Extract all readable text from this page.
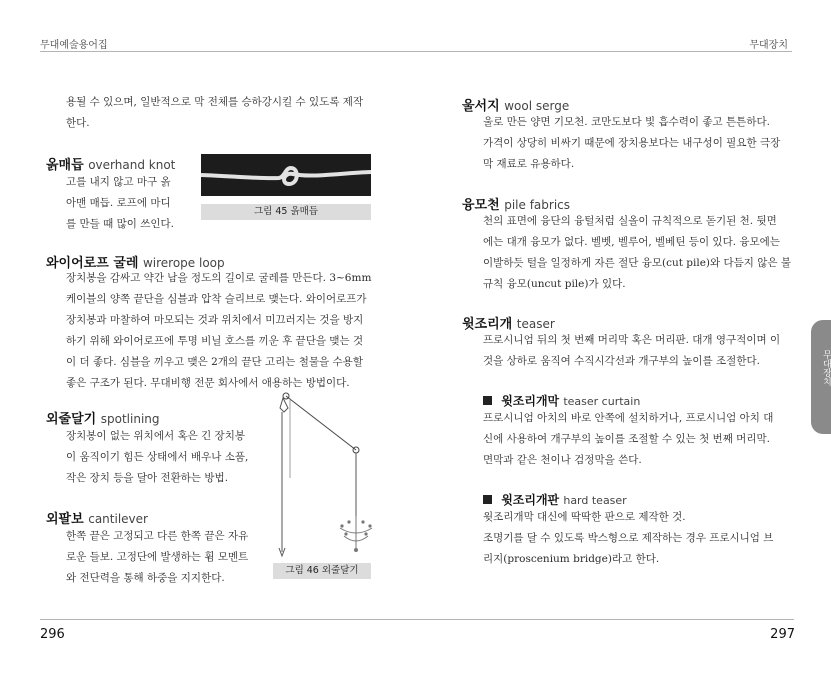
무대예술용어집	무대장치
용될 수 있으며, 일반적으로 막 전체를 승하강시킬 수 있도록 제작
한다.
옭매듭 overhand knot
고를 내지 않고 마구 옭
아맨 매듭. 로프에 마디
를 만들 때 많이 쓰인다.
그림 45 옭매듭
와이어로프 굴레 wirerope loop
장치봉을 감싸고 약간 남을 정도의 길이로 굴레를 만든다. 3~6mm
케이블의 양쪽 끝단을 심블과 압착 슬리브로 맺는다. 와이어로프가
장치봉과 마찰하여 마모되는 것과 위치에서 미끄러지는 것을 방지
하기 위해 와이어로프에 투명 비닐 호스를 끼운 후 끝단을 맺는 것
이 더 좋다. 심블을 끼우고 맺은 2개의 끝단 고리는 철물을 수용할
좋은 구조가 된다. 무대비행 전문 회사에서 애용하는 방법이다.
외줄달기 spotlining
장치봉이 없는 위치에서 혹은 긴 장치봉
이 움직이기 힘든 상태에서 배우나 소품,
작은 장치 등을 달아 전환하는 방법.
외팔보 cantilever
한쪽 끝은 고정되고 다른 한쪽 끝은 자유
로운 들보. 고정단에 발생하는 휨 모멘트
와 전단력을 통해 하중을 지지한다.
그림 46 외줄달기
울서지 wool serge
울로 만든 양면 기모천. 코만도보다 빛 흡수력이 좋고 튼튼하다.
가격이 상당히 비싸기 때문에 장치용보다는 내구성이 필요한 극장
막 재료로 유용하다.
융모천 pile fabrics
천의 표면에 융단의 융털처럼 실올이 규칙적으로 돋기된 천. 뒷면
에는 대개 융모가 없다. 벨벳, 벨루어, 벨베틴 등이 있다. 융모에는
이발하듯 털을 일정하게 자른 절단 융모(cut pile)와 다듬지 않은 불
규칙 융모(uncut pile)가 있다.
윗조리개 teaser
프로시니엄 뒤의 첫 번째 머리막 혹은 머리판. 대개 영구적이며 이
것을 상하로 움직여 수직시각선과 개구부의 높이를 조절한다.
윗조리개막 teaser curtain
프로시니엄 아치의 바로 안쪽에 설치하거나, 프로시니엄 아치 대
신에 사용하여 개구부의 높이를 조절할 수 있는 첫 번째 머리막.
면막과 같은 천이나 검정막을 쓴다.
윗조리개판 hard teaser
윗조리개막 대신에 딱딱한 판으로 제작한 것.
조명기를 달 수 있도록 박스형으로 제작하는 경우 프로시니엄 브
리지(proscenium bridge)라고 한다.
무대장치
296	297
